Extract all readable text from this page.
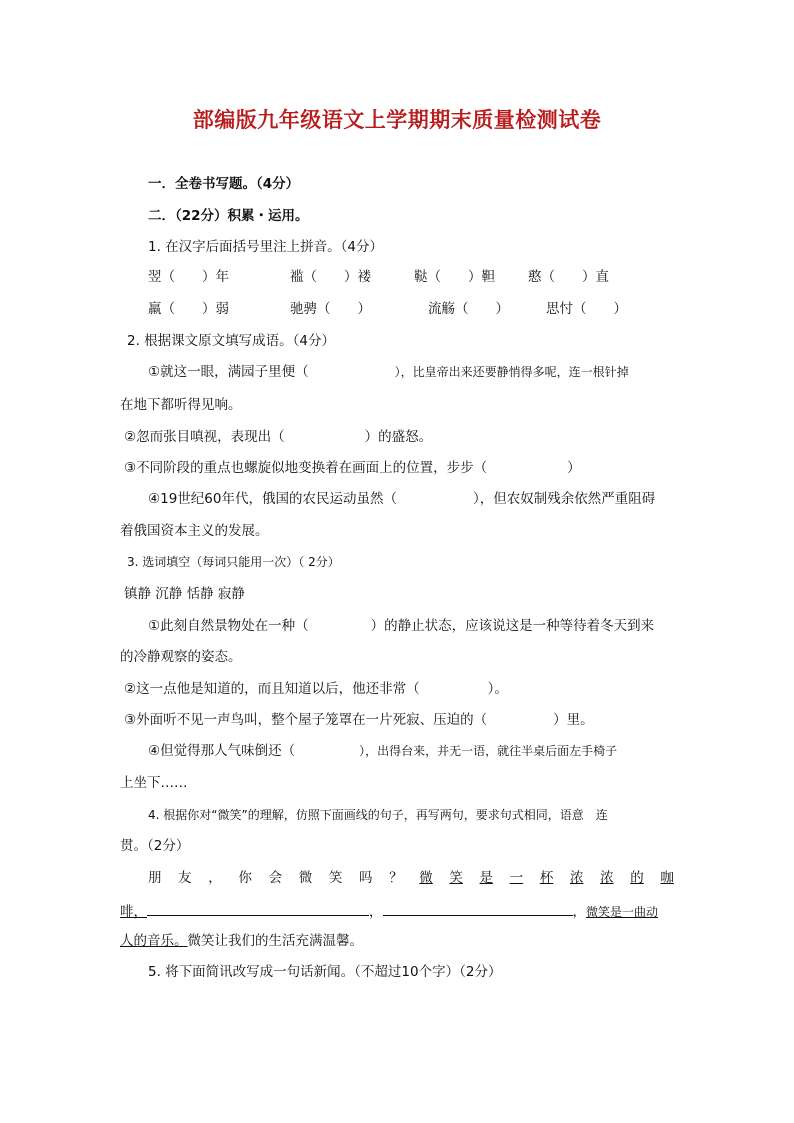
部编版九年级语文上学期期末质量检测试卷
一．全卷书写题。（4分）
二．（22分）积累・运用。
1. 在汉字后面括号里注上拼音。（4分）
翌（　　）年	褴（　　）褛	鞑（　　）靼 憨（　　）直
羸（　　）弱	驰骋（　　）	流觞（　　）	思忖（　　）
2. 根据课文原文填写成语。（4分）
①就这一眼，满园子里便（	），比皇帝出来还要静悄得多呢，连一根针掉
在地下都听得见响。
②忽而张目嗔视，表现出（	）的盛怒。
③不同阶段的重点也螺旋似地变换着在画面上的位置，步步（	）
④19世纪60年代，俄国的农民运动虽然（	），但农奴制残余依然严重阻碍
着俄国资本主义的发展。
3. 选词填空（每词只能用一次）（ 2分）
镇静 沉静 恬静 寂静
①此刻自然景物处在一种（	）的静止状态，应该说这是一种等待着冬天到来
的冷静观察的姿态。
②这一点他是知道的，而且知道以后，他还非常（	）。
③外面听不见一声鸟叫，整个屋子笼罩在一片死寂、压迫的（	）里。
④但觉得那人气味倒还（	），出得台来，并无一语，就往半桌后面左手椅子
上坐下……
4. 根据你对“微笑”的理解，仿照下面画线的句子，再写两句，要求句式相同，语意　连
贯。（2分）
朋 友 ， 你 会 微 笑 吗 ？ 微 笑 是 一 杯 浓 浓 的 咖
啡，	，	，微笑是一曲动
人的音乐。微笑让我们的生活充满温馨。
5. 将下面简讯改写成一句话新闻。（不超过10个字）（2分）
